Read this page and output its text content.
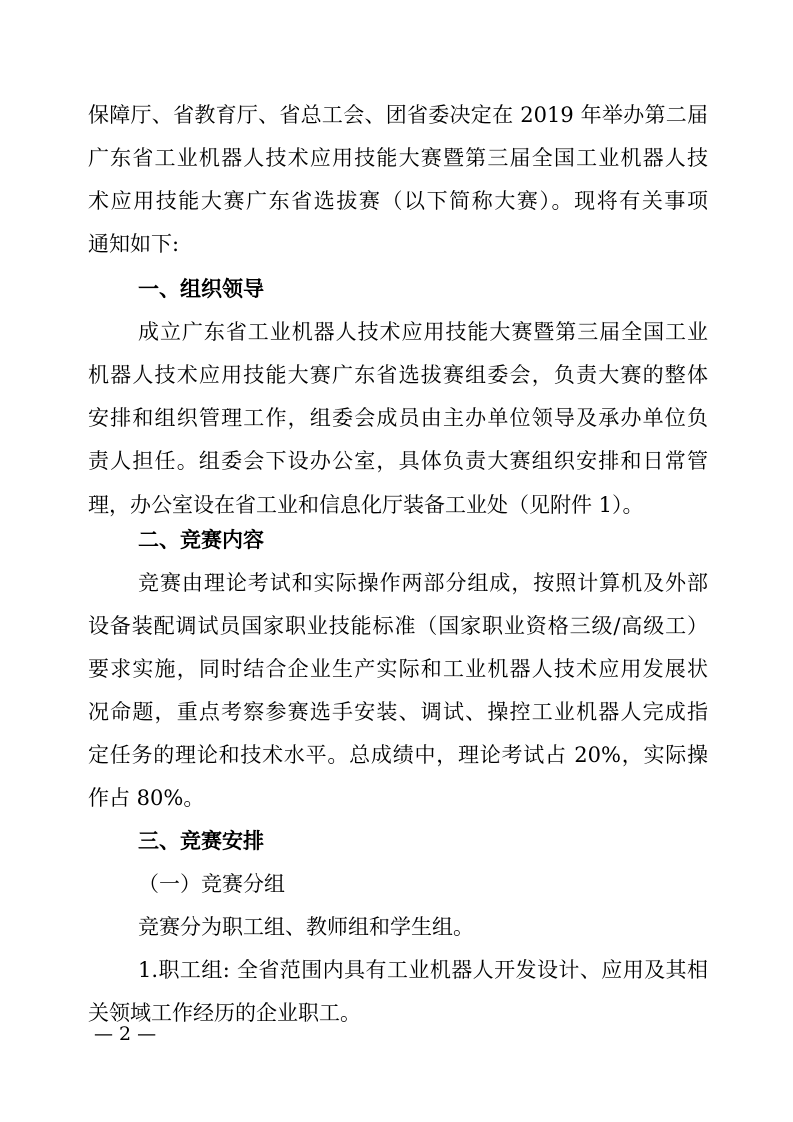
保障厅、省教育厅、省总工会、团省委决定在 2019 年举办第二届
广东省工业机器人技术应用技能大赛暨第三届全国工业机器人技
术应用技能大赛广东省选拔赛（以下简称大赛）。现将有关事项
通知如下:
一、组织领导
成立广东省工业机器人技术应用技能大赛暨第三届全国工业
机器人技术应用技能大赛广东省选拔赛组委会，负责大赛的整体
安排和组织管理工作，组委会成员由主办单位领导及承办单位负
责人担任。组委会下设办公室，具体负责大赛组织安排和日常管
理，办公室设在省工业和信息化厅装备工业处（见附件 1）。
二、竞赛内容
竞赛由理论考试和实际操作两部分组成，按照计算机及外部
设备装配调试员国家职业技能标准（国家职业资格三级/高级工）
要求实施，同时结合企业生产实际和工业机器人技术应用发展状
况命题，重点考察参赛选手安装、调试、操控工业机器人完成指
定任务的理论和技术水平。总成绩中，理论考试占 20%，实际操
作占 80%。
三、竞赛安排
（一）竞赛分组
竞赛分为职工组、教师组和学生组。
1.职工组: 全省范围内具有工业机器人开发设计、应用及其相
关领域工作经历的企业职工。
— 2 —
